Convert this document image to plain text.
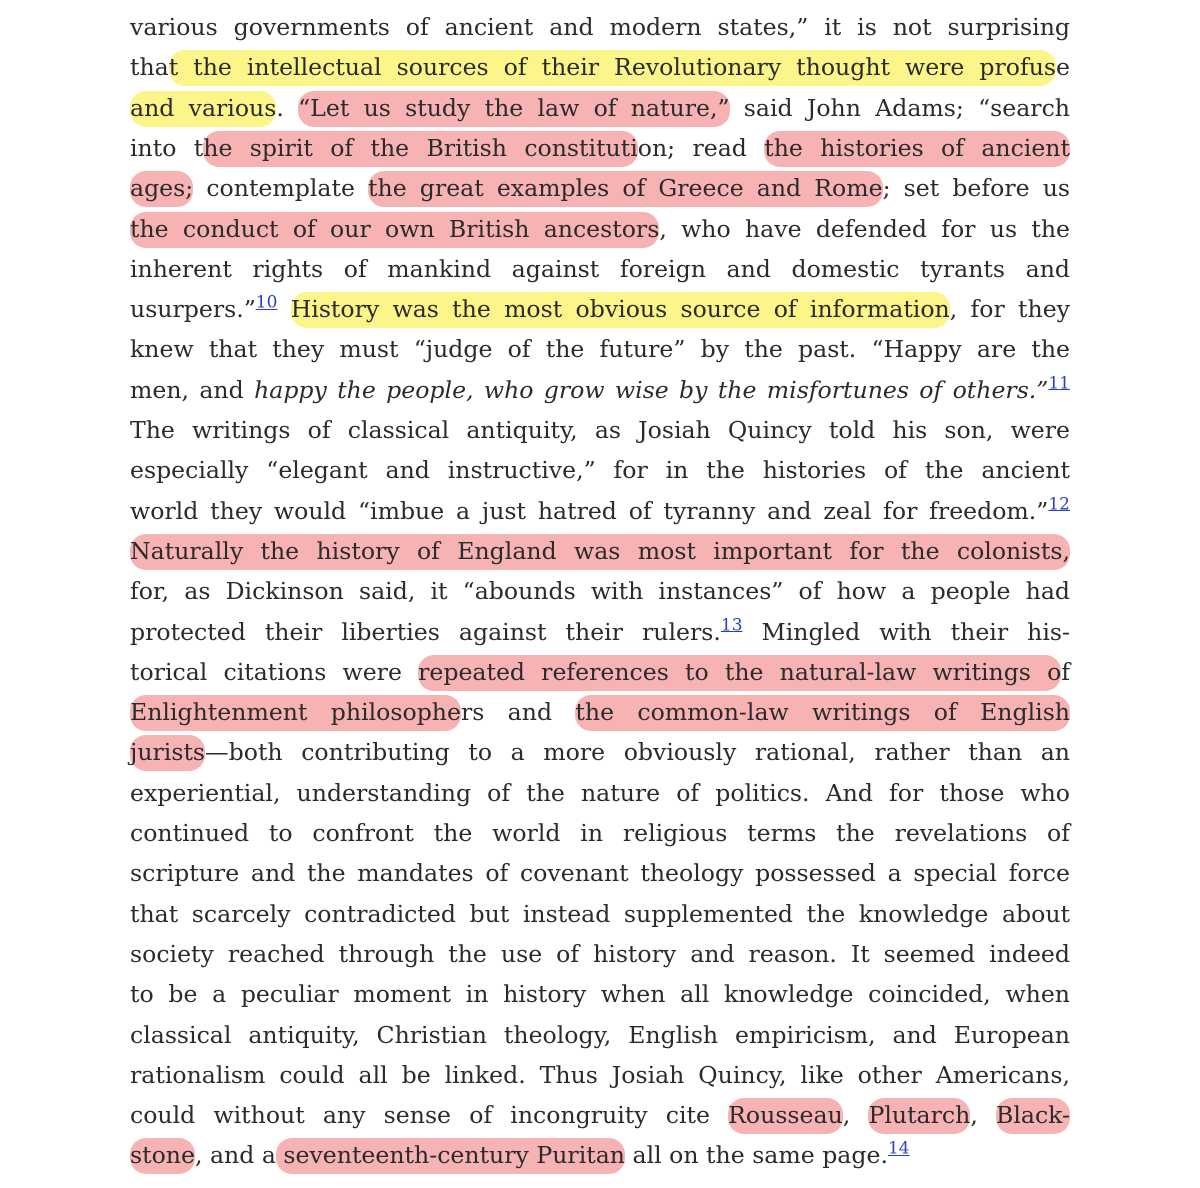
various governments of ancient and modern states,” it is not surprising
that the intellectual sources of their Revolutionary thought were profuse
and various. “Let us study the law of nature,” said John Adams; “search
into the spirit of the British constitution; read the histories of ancient
ages; contemplate the great examples of Greece and Rome; set before us
the conduct of our own British ancestors, who have defended for us the
inherent rights of mankind against foreign and domestic tyrants and
usurpers.”$^{10}$ History was the most obvious source of information, for they
knew that they must “judge of the future” by the past. “Happy are the
men, and happy the people, who grow wise by the misfortunes of others.”$^{11}$
The writings of classical antiquity, as Josiah Quincy told his son, were
especially “elegant and instructive,” for in the histories of the ancient
world they would “imbue a just hatred of tyranny and zeal for freedom.”$^{12}$
Naturally the history of England was most important for the colonists,
for, as Dickinson said, it “abounds with instances” of how a people had
protected their liberties against their rulers.$^{13}$ Mingled with their his-
torical citations were repeated references to the natural-law writings of
Enlightenment philosophers and the common-law writings of English
jurists—both contributing to a more obviously rational, rather than an
experiential, understanding of the nature of politics. And for those who
continued to confront the world in religious terms the revelations of
scripture and the mandates of covenant theology possessed a special force
that scarcely contradicted but instead supplemented the knowledge about
society reached through the use of history and reason. It seemed indeed
to be a peculiar moment in history when all knowledge coincided, when
classical antiquity, Christian theology, English empiricism, and European
rationalism could all be linked. Thus Josiah Quincy, like other Americans,
could without any sense of incongruity cite Rousseau, Plutarch, Black-
stone, and a seventeenth-century Puritan all on the same page.$^{14}$
